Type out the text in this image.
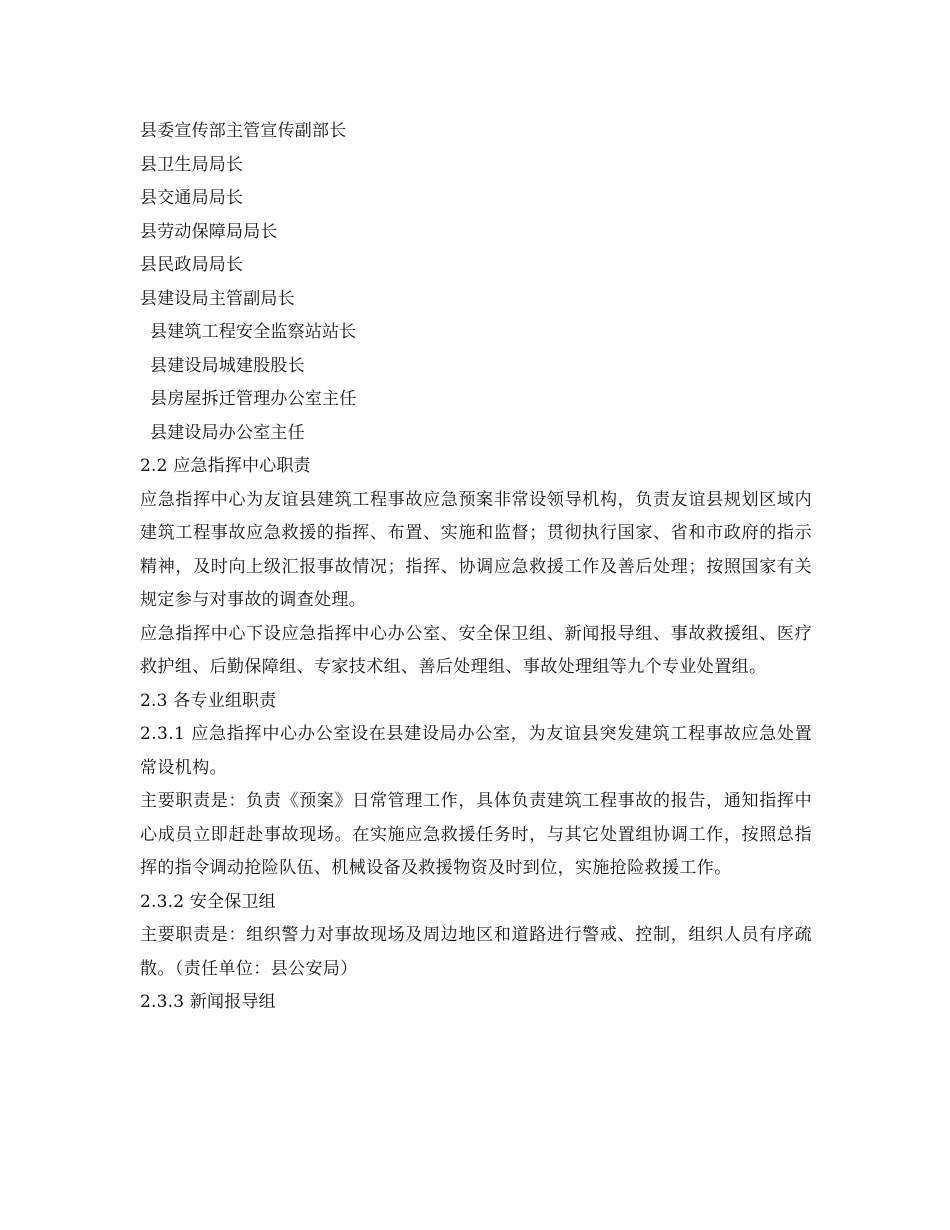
县委宣传部主管宣传副部长
县卫生局局长
县交通局局长
县劳动保障局局长
县民政局局长
县建设局主管副局长
县建筑工程安全监察站站长
县建设局城建股股长
县房屋拆迁管理办公室主任
县建设局办公室主任
2.2 应急指挥中心职责
应急指挥中心为友谊县建筑工程事故应急预案非常设领导机构，负责友谊县规划区域内建筑工程事故应急救援的指挥、布置、实施和监督；贯彻执行国家、省和市政府的指示精神，及时向上级汇报事故情况；指挥、协调应急救援工作及善后处理；按照国家有关规定参与对事故的调查处理。
应急指挥中心下设应急指挥中心办公室、安全保卫组、新闻报导组、事故救援组、医疗救护组、后勤保障组、专家技术组、善后处理组、事故处理组等九个专业处置组。
2.3 各专业组职责
2.3.1 应急指挥中心办公室设在县建设局办公室，为友谊县突发建筑工程事故应急处置常设机构。
主要职责是：负责《预案》日常管理工作，具体负责建筑工程事故的报告，通知指挥中心成员立即赶赴事故现场。在实施应急救援任务时，与其它处置组协调工作，按照总指挥的指令调动抢险队伍、机械设备及救援物资及时到位，实施抢险救援工作。
2.3.2 安全保卫组
主要职责是：组织警力对事故现场及周边地区和道路进行警戒、控制，组织人员有序疏散。（责任单位：县公安局）
2.3.3 新闻报导组
